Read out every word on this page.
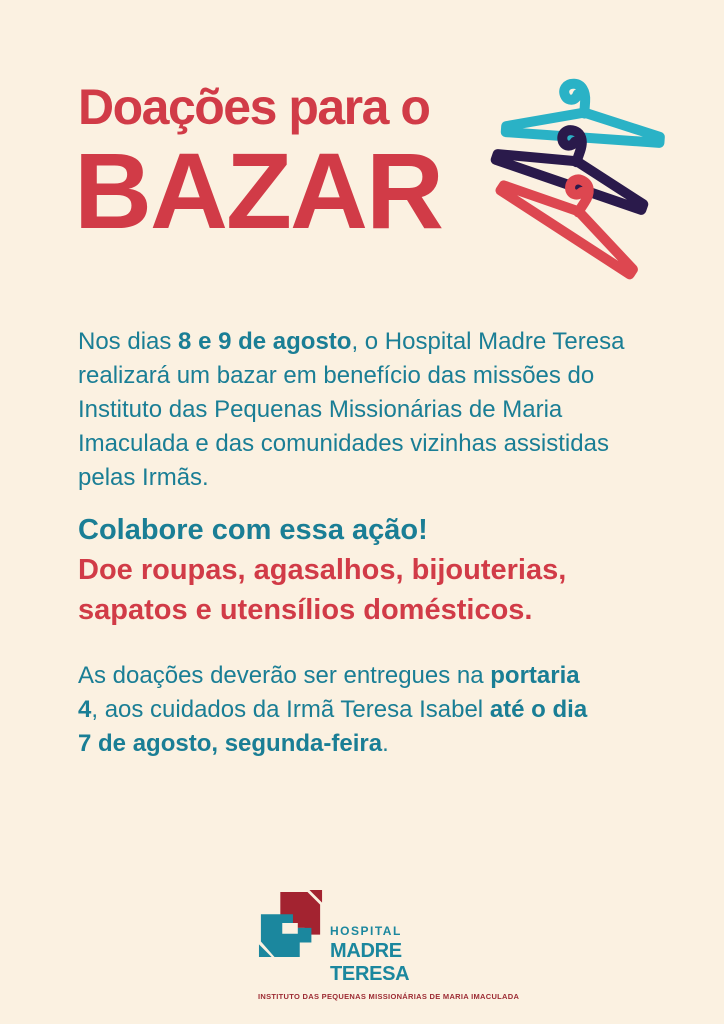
Doações para o
BAZAR
Nos dias 8 e 9 de agosto, o Hospital Madre Teresa
realizará um bazar em benefício das missões do
Instituto das Pequenas Missionárias de Maria
Imaculada e das comunidades vizinhas assistidas
pelas Irmãs.
Colabore com essa ação!
Doe roupas, agasalhos, bijouterias,
sapatos e utensílios domésticos.
As doações deverão ser entregues na portaria
4, aos cuidados da Irmã Teresa Isabel até o dia
7 de agosto, segunda-feira.
HOSPITAL
MADRE TERESA
INSTITUTO DAS PEQUENAS MISSIONÁRIAS DE MARIA IMACULADA
